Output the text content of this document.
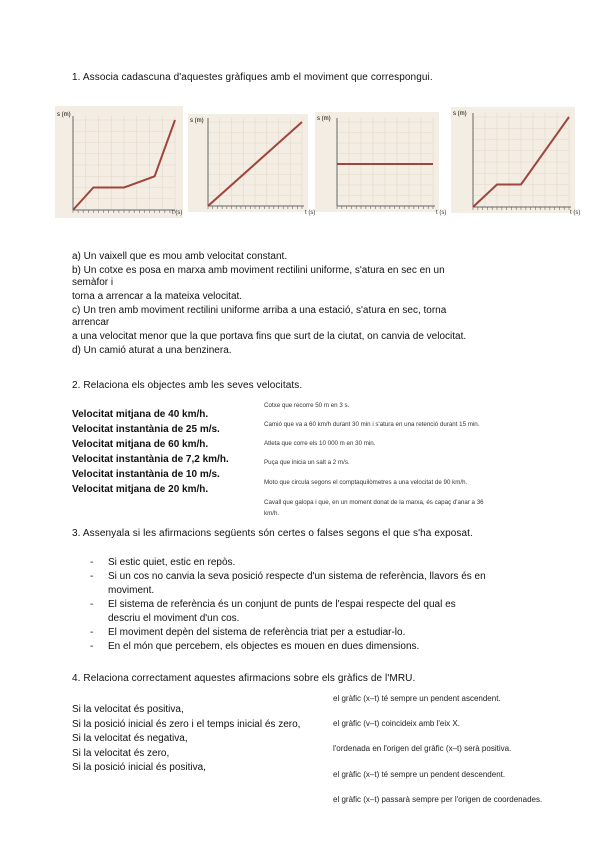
1. Associa cadascuna d'aquestes gràfiques amb el moviment que correspongui.
s (m)
t (s)
s (m)
t (s)
s (m)
t (s)
s (m)
t (s)
a) Un vaixell que es mou amb velocitat constant.
b) Un cotxe es posa en marxa amb moviment rectilini uniforme, s'atura en sec en un
semàfor i
torna a arrencar a la mateixa velocitat.
c) Un tren amb moviment rectilini uniforme arriba a una estació, s'atura en sec, torna
arrencar
a una velocitat menor que la que portava fins que surt de la ciutat, on canvia de velocitat.
d) Un camió aturat a una benzinera.
2. Relaciona els objectes amb les seves velocitats.
Velocitat mitjana de 40 km/h.
Velocitat instantània de 25 m/s.
Velocitat mitjana de 60 km/h.
Velocitat instantània de 7,2 km/h.
Velocitat instantània de 10 m/s.
Velocitat mitjana de 20 km/h.
Cotxe que recorre 50 m en 3 s.
Camió que va a 60 km/h durant 30 min i s'atura en una retenció durant 15 min.
Atleta que corre els 10 000 m en 30 min.
Puça que inicia un salt a 2 m/s.
Moto que circula segons el comptaquilòmetres a una velocitat de 90 km/h.
Cavall que galopa i que, en un moment donat de la marxa, és capaç d'anar a 36
km/h.
3. Assenyala si les afirmacions següents són certes o falses segons el que s'ha exposat.
- Si estic quiet, estic en repòs.
- Si un cos no canvia la seva posició respecte d'un sistema de referència, llavors és en
moviment.
- El sistema de referència és un conjunt de punts de l'espai respecte del qual es
descriu el moviment d'un cos.
- El moviment depèn del sistema de referència triat per a estudiar-lo.
- En el món que percebem, els objectes es mouen en dues dimensions.
4. Relaciona correctament aquestes afirmacions sobre els gràfics de l'MRU.
Si la velocitat és positiva,
Si la posició inicial és zero i el temps inicial és zero,
Si la velocitat és negativa,
Si la velocitat és zero,
Si la posició inicial és positiva,
el gràfic (x–t) té sempre un pendent ascendent.
el gràfic (v–t) coincideix amb l'eix X.
l'ordenada en l'origen del gràfic (x–t) serà positiva.
el gràfic (x–t) té sempre un pendent descendent.
el gràfic (x–t) passarà sempre per l'origen de coordenades.
